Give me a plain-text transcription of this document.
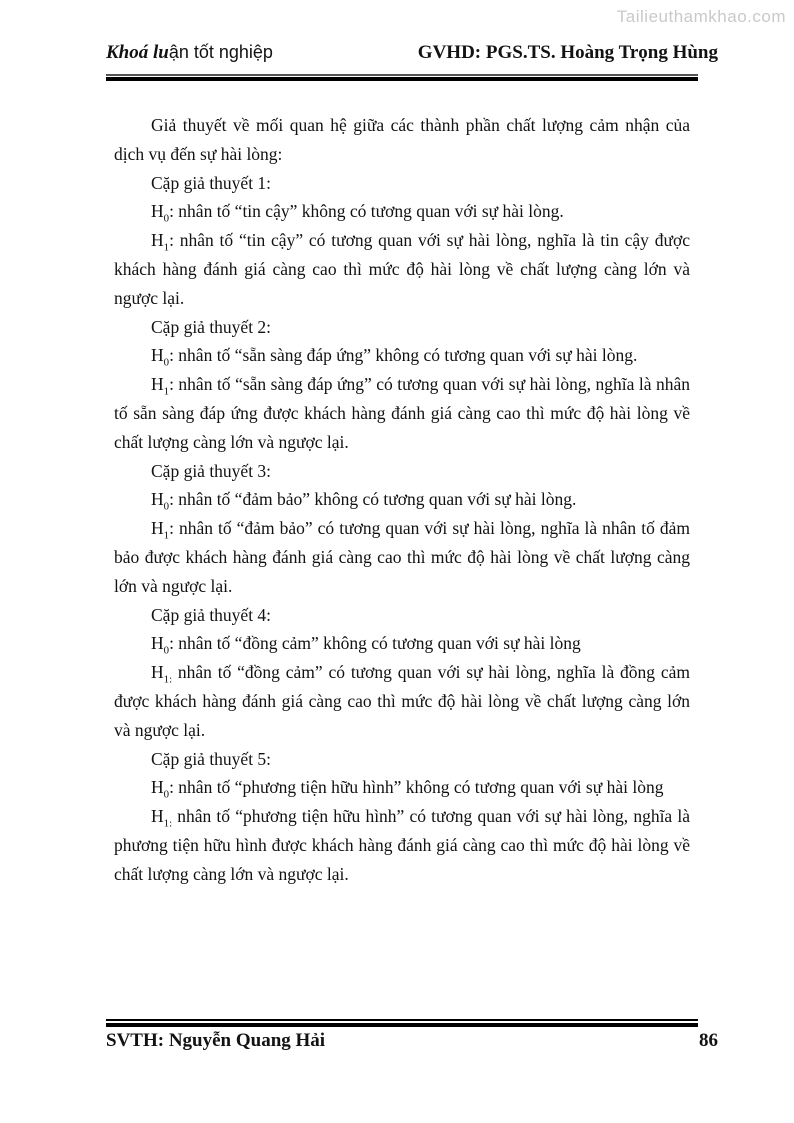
Tailieuthamkhao.com
Khoá luận tốt nghiệp	GVHD: PGS.TS. Hoàng Trọng Hùng

Giả thuyết về mối quan hệ giữa các thành phần chất lượng cảm nhận của dịch vụ đến sự hài lòng:

Cặp giả thuyết 1:

$H_0$: nhân tố “tin cậy” không có tương quan với sự hài lòng.

$H_1$: nhân tố “tin cậy” có tương quan với sự hài lòng, nghĩa là tin cậy được khách hàng đánh giá càng cao thì mức độ hài lòng về chất lượng càng lớn và ngược lại.

Cặp giả thuyết 2:

$H_0$: nhân tố “sẵn sàng đáp ứng” không có tương quan với sự hài lòng.

$H_1$: nhân tố “sẵn sàng đáp ứng” có tương quan với sự hài lòng, nghĩa là nhân tố sẵn sàng đáp ứng được khách hàng đánh giá càng cao thì mức độ hài lòng về chất lượng càng lớn và ngược lại.

Cặp giả thuyết 3:

$H_0$: nhân tố “đảm bảo” không có tương quan với sự hài lòng.

$H_1$: nhân tố “đảm bảo” có tương quan với sự hài lòng, nghĩa là nhân tố đảm bảo được khách hàng đánh giá càng cao thì mức độ hài lòng về chất lượng càng lớn và ngược lại.

Cặp giả thuyết 4:

$H_0$: nhân tố “đồng cảm” không có tương quan với sự hài lòng

$H_{1:}$ nhân tố “đồng cảm” có tương quan với sự hài lòng, nghĩa là đồng cảm được khách hàng đánh giá càng cao thì mức độ hài lòng về chất lượng càng lớn và ngược lại.

Cặp giả thuyết 5:

$H_0$: nhân tố “phương tiện hữu hình” không có tương quan với sự hài lòng

$H_{1:}$ nhân tố “phương tiện hữu hình” có tương quan với sự hài lòng, nghĩa là phương tiện hữu hình được khách hàng đánh giá càng cao thì mức độ hài lòng về chất lượng càng lớn và ngược lại.

SVTH: Nguyễn Quang Hải	86
